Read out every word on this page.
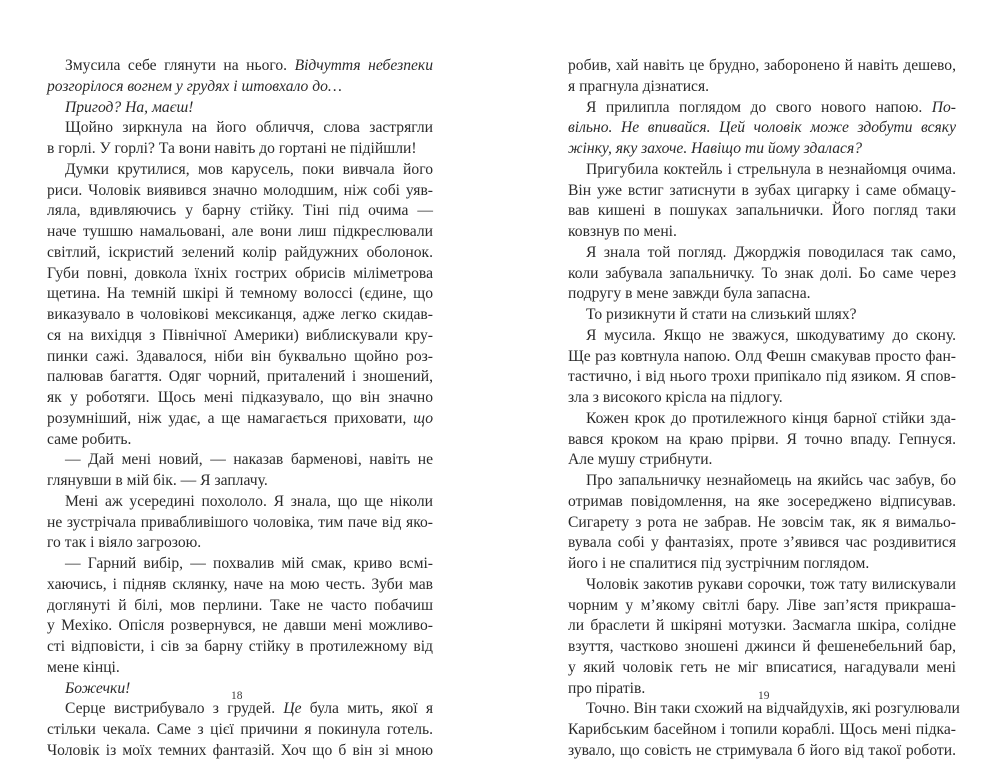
Змусила себе глянути на нього. Відчуття небезпеки
розгорілося вогнем у грудях і штовхало до…
Пригод? На, маєш!
Щойно зиркнула на його обличчя, слова застрягли
в горлі. У горлі? Та вони навіть до гортані не підійшли!
Думки крутилися, мов карусель, поки вивчала його
риси. Чоловік виявився значно молодшим, ніж собі уяв-
ляла, вдивляючись у барну стійку. Тіні під очима —
наче тушшю намальовані, але вони лиш підкреслювали
світлий, іскристий зелений колір райдужних оболонок.
Губи повні, довкола їхніх гострих обрисів міліметрова
щетина. На темній шкірі й темному волоссі (єдине, що
виказувало в чоловікові мексиканця, адже легко скидав-
ся на вихідця з Північної Америки) виблискували кру-
пинки сажі. Здавалося, ніби він буквально щойно роз-
палював багаття. Одяг чорний, приталений і зношений,
як у роботяги. Щось мені підказувало, що він значно
розумніший, ніж удає, а ще намагається приховати, що
саме робить.
— Дай мені новий, — наказав барменові, навіть не
глянувши в мій бік. — Я заплачу.
Мені аж усередині похололо. Я знала, що ще ніколи
не зустрічала привабливішого чоловіка, тим паче від яко-
го так і віяло загрозою.
— Гарний вибір, — похвалив мій смак, криво всмі-
хаючись, і підняв склянку, наче на мою честь. Зуби мав
доглянуті й білі, мов перлини. Таке не часто побачиш
у Мехіко. Опісля розвернувся, не давши мені можливо-
сті відповісти, і сів за барну стійку в протилежному від
мене кінці.
Божечки!
Серце вистрибувало з грудей. Це була мить, якої я
стільки чекала. Саме з цієї причини я покинула готель.
Чоловік із моїх темних фантазій. Хоч що б він зі мною
18
робив, хай навіть це брудно, заборонено й навіть дешево,
я прагнула дізнатися.
Я прилипла поглядом до свого нового напою. По-
вільно. Не впивайся. Цей чоловік може здобути всяку
жінку, яку захоче. Навіщо ти йому здалася?
Пригубила коктейль і стрельнула в незнайомця очима.
Він уже встиг затиснути в зубах цигарку і саме обмацу-
вав кишені в пошуках запальнички. Його погляд таки
ковзнув по мені.
Я знала той погляд. Джорджія поводилася так само,
коли забувала запальничку. То знак долі. Бо саме через
подругу в мене завжди була запасна.
То ризикнути й стати на слизький шлях?
Я мусила. Якщо не зважуся, шкодуватиму до скону.
Ще раз ковтнула напою. Олд Фешн смакував просто фан-
тастично, і від нього трохи припікало під язиком. Я спов-
зла з високого крісла на підлогу.
Кожен крок до протилежного кінця барної стійки зда-
вався кроком на краю прірви. Я точно впаду. Гепнуся.
Але мушу стрибнути.
Про запальничку незнайомець на якийсь час забув, бо
отримав повідомлення, на яке зосереджено відписував.
Сигарету з рота не забрав. Не зовсім так, як я вимальо-
вувала собі у фантазіях, проте з’явився час роздивитися
його і не спалитися під зустрічним поглядом.
Чоловік закотив рукави сорочки, тож тату вилискували
чорним у м’якому світлі бару. Ліве зап’ястя прикраша-
ли браслети й шкіряні мотузки. Засмагла шкіра, солідне
взуття, частково зношені джинси й фешенебельний бар,
у який чоловік геть не міг вписатися, нагадували мені
про піратів.
Точно. Він таки схожий на відчайдухів, які розгулювали
Карибським басейном і топили кораблі. Щось мені підка-
зувало, що совість не стримувала б його від такої роботи.
19
